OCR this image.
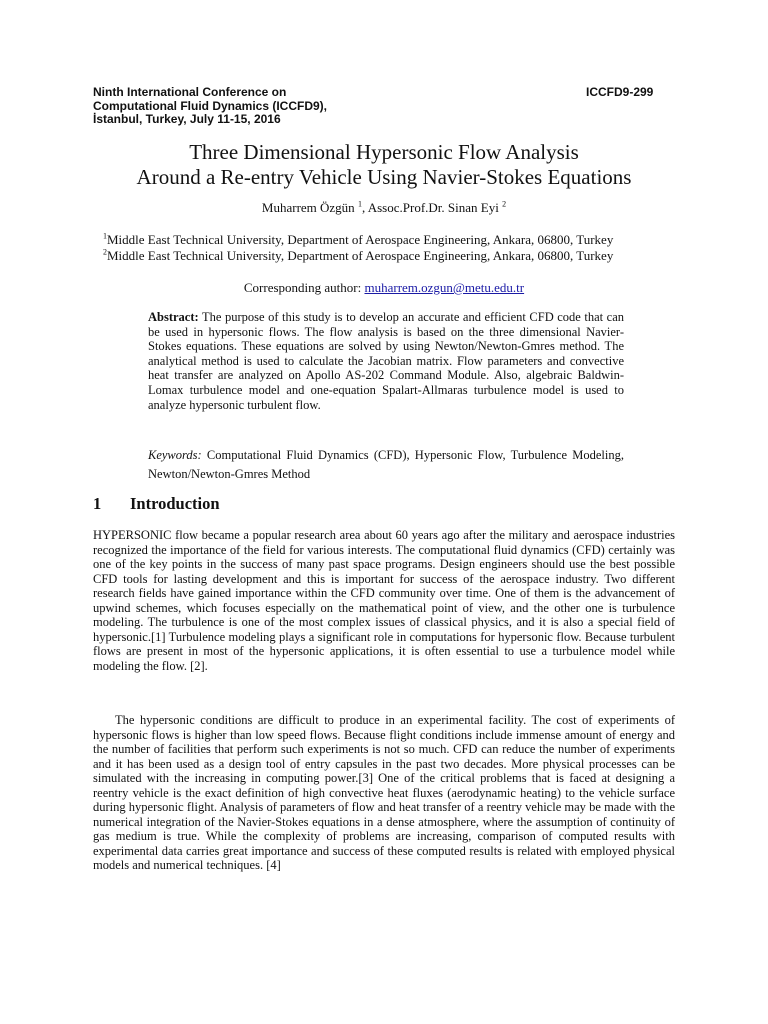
Ninth International Conference on
Computational Fluid Dynamics (ICCFD9),
İstanbul, Turkey, July 11-15, 2016
ICCFD9-299
Three Dimensional Hypersonic Flow Analysis
Around a Re-entry Vehicle Using Navier-Stokes Equations
Muharrem Özgün $^1$, Assoc.Prof.Dr. Sinan Eyi $^2$
$^1$Middle East Technical University, Department of Aerospace Engineering, Ankara, 06800, Turkey
$^2$Middle East Technical University, Department of Aerospace Engineering, Ankara, 06800, Turkey
Corresponding author: muharrem.ozgun@metu.edu.tr
Abstract: The purpose of this study is to develop an accurate and efficient CFD code that can be used in hypersonic flows. The flow analysis is based on the three dimensional Navier-Stokes equations. These equations are solved by using Newton/Newton-Gmres method. The analytical method is used to calculate the Jacobian matrix. Flow parameters and convective heat transfer are analyzed on Apollo AS-202 Command Module. Also, algebraic Baldwin-Lomax turbulence model and one-equation Spalart-Allmaras turbulence model is used to analyze hypersonic turbulent flow.
Keywords: Computational Fluid Dynamics (CFD), Hypersonic Flow, Turbulence Modeling, Newton/Newton-Gmres Method
1 Introduction
HYPERSONIC flow became a popular research area about 60 years ago after the military and aerospace industries recognized the importance of the field for various interests. The computational fluid dynamics (CFD) certainly was one of the key points in the success of many past space programs. Design engineers should use the best possible CFD tools for lasting development and this is important for success of the aerospace industry. Two different research fields have gained importance within the CFD community over time. One of them is the advancement of upwind schemes, which focuses especially on the mathematical point of view, and the other one is turbulence modeling. The turbulence is one of the most complex issues of classical physics, and it is also a special field of hypersonic.[1] Turbulence modeling plays a significant role in computations for hypersonic flow. Because turbulent flows are present in most of the hypersonic applications, it is often essential to use a turbulence model while modeling the flow. [2].
The hypersonic conditions are difficult to produce in an experimental facility. The cost of experiments of hypersonic flows is higher than low speed flows. Because flight conditions include immense amount of energy and the number of facilities that perform such experiments is not so much. CFD can reduce the number of experiments and it has been used as a design tool of entry capsules in the past two decades. More physical processes can be simulated with the increasing in computing power.[3] One of the critical problems that is faced at designing a reentry vehicle is the exact definition of high convective heat fluxes (aerodynamic heating) to the vehicle surface during hypersonic flight. Analysis of parameters of flow and heat transfer of a reentry vehicle may be made with the numerical integration of the Navier-Stokes equations in a dense atmosphere, where the assumption of continuity of gas medium is true. While the complexity of problems are increasing, comparison of computed results with experimental data carries great importance and success of these computed results is related with employed physical models and numerical techniques. [4]
